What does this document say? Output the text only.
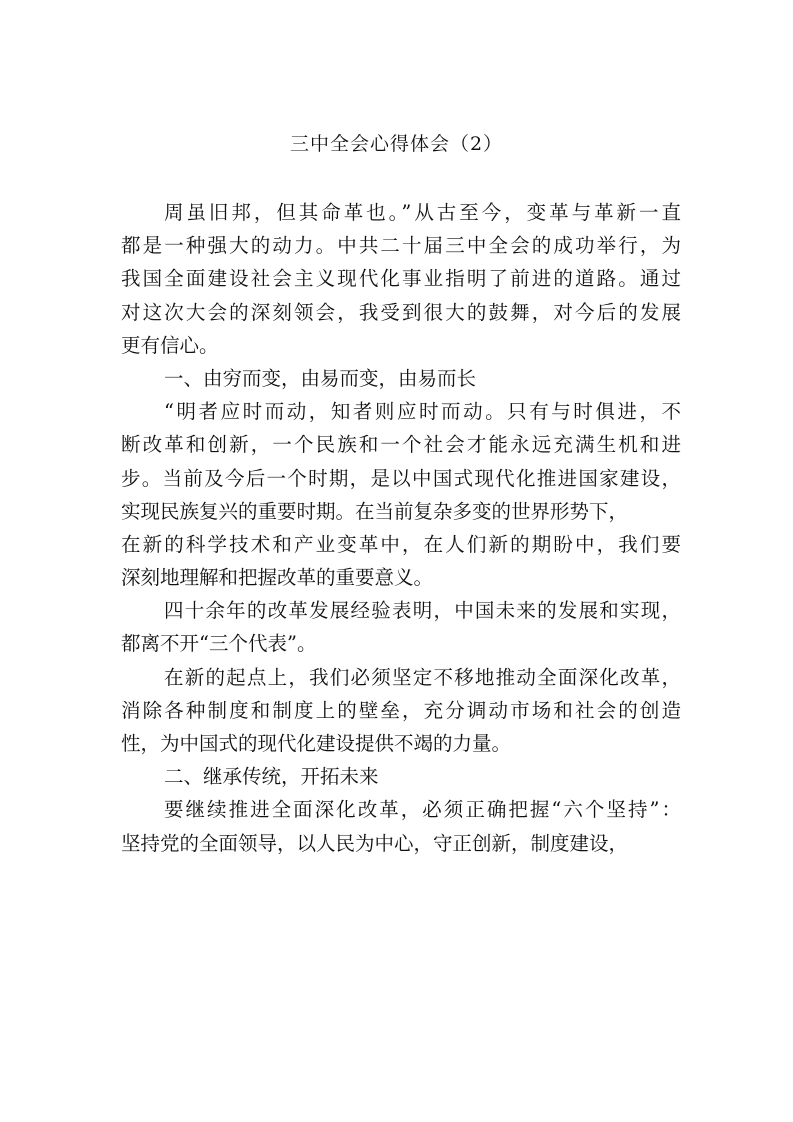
三中全会心得体会（2）
周虽旧邦，但其命革也。”从古至今，变革与革新一直
都是一种强大的动力。中共二十届三中全会的成功举行，为
我国全面建设社会主义现代化事业指明了前进的道路。通过
对这次大会的深刻领会，我受到很大的鼓舞，对今后的发展
更有信心。
一、由穷而变，由易而变，由易而长
“明者应时而动，知者则应时而动。只有与时俱进，不
断改革和创新，一个民族和一个社会才能永远充满生机和进
步。当前及今后一个时期，是以中国式现代化推进国家建设，
实现民族复兴的重要时期。在当前复杂多变的世界形势下，
在新的科学技术和产业变革中，在人们新的期盼中，我们要
深刻地理解和把握改革的重要意义。
四十余年的改革发展经验表明，中国未来的发展和实现，
都离不开“三个代表”。
在新的起点上，我们必须坚定不移地推动全面深化改革，
消除各种制度和制度上的壁垒，充分调动市场和社会的创造
性，为中国式的现代化建设提供不竭的力量。
二、继承传统，开拓未来
要继续推进全面深化改革，必须正确把握“六个坚持”：
坚持党的全面领导，以人民为中心，守正创新，制度建设，
